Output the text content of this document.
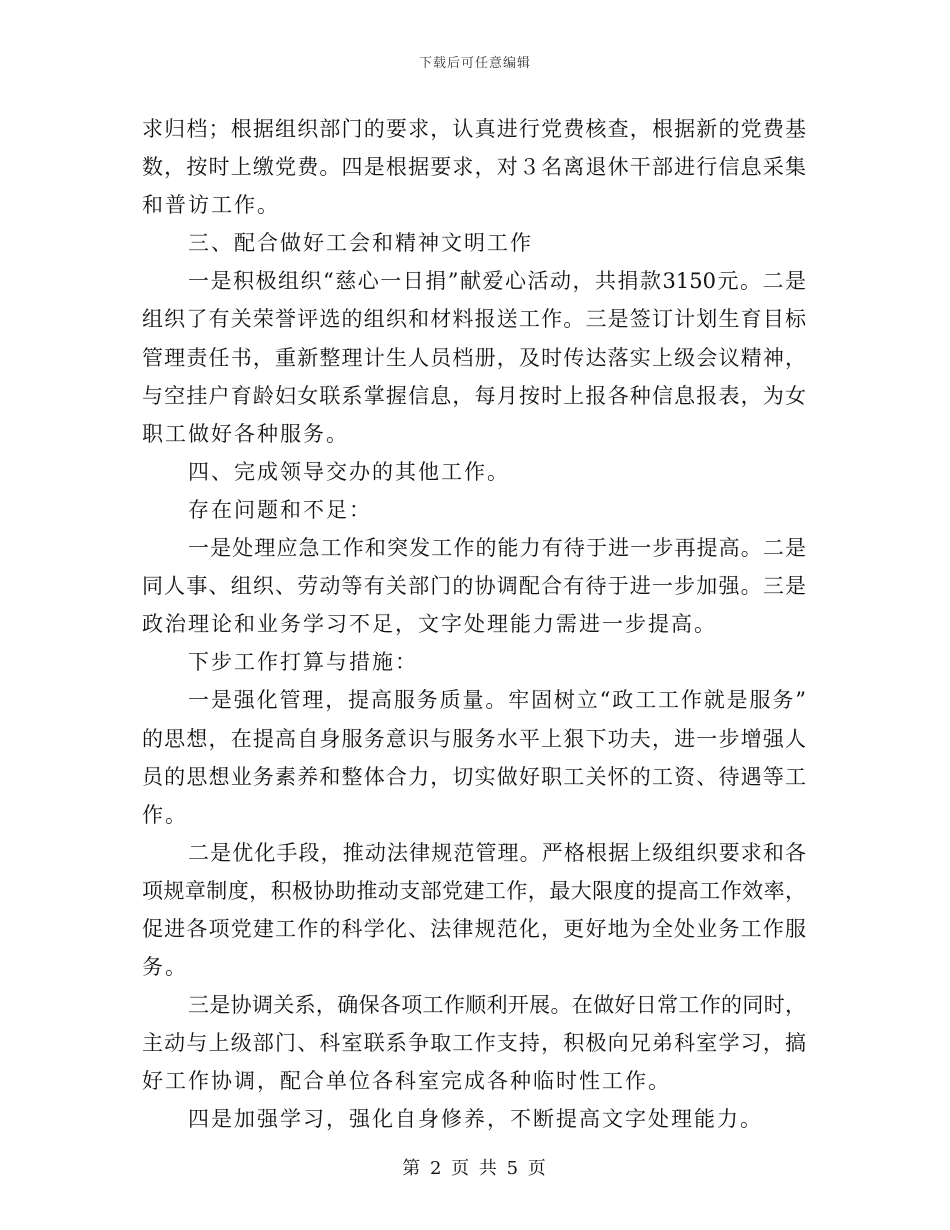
下载后可任意编辑
求归档；根据组织部门的要求，认真进行党费核查，根据新的党费基
数，按时上缴党费。四是根据要求，对３名离退休干部进行信息采集
和普访工作。
三、配合做好工会和精神文明工作
一是积极组织“慈心一日捐”献爱心活动，共捐款3150元。二是
组织了有关荣誉评选的组织和材料报送工作。三是签订计划生育目标
管理责任书，重新整理计生人员档册，及时传达落实上级会议精神，
与空挂户育龄妇女联系掌握信息，每月按时上报各种信息报表，为女
职工做好各种服务。
四、完成领导交办的其他工作。
存在问题和不足：
一是处理应急工作和突发工作的能力有待于进一步再提高。二是
同人事、组织、劳动等有关部门的协调配合有待于进一步加强。三是
政治理论和业务学习不足，文字处理能力需进一步提高。
下步工作打算与措施：
一是强化管理，提高服务质量。牢固树立“政工工作就是服务”
的思想，在提高自身服务意识与服务水平上狠下功夫，进一步增强人
员的思想业务素养和整体合力，切实做好职工关怀的工资、待遇等工
作。
二是优化手段，推动法律规范管理。严格根据上级组织要求和各
项规章制度，积极协助推动支部党建工作，最大限度的提高工作效率，
促进各项党建工作的科学化、法律规范化，更好地为全处业务工作服
务。
三是协调关系，确保各项工作顺利开展。在做好日常工作的同时，
主动与上级部门、科室联系争取工作支持，积极向兄弟科室学习，搞
好工作协调，配合单位各科室完成各种临时性工作。
四是加强学习，强化自身修养，不断提高文字处理能力。
第 2 页 共 5 页
